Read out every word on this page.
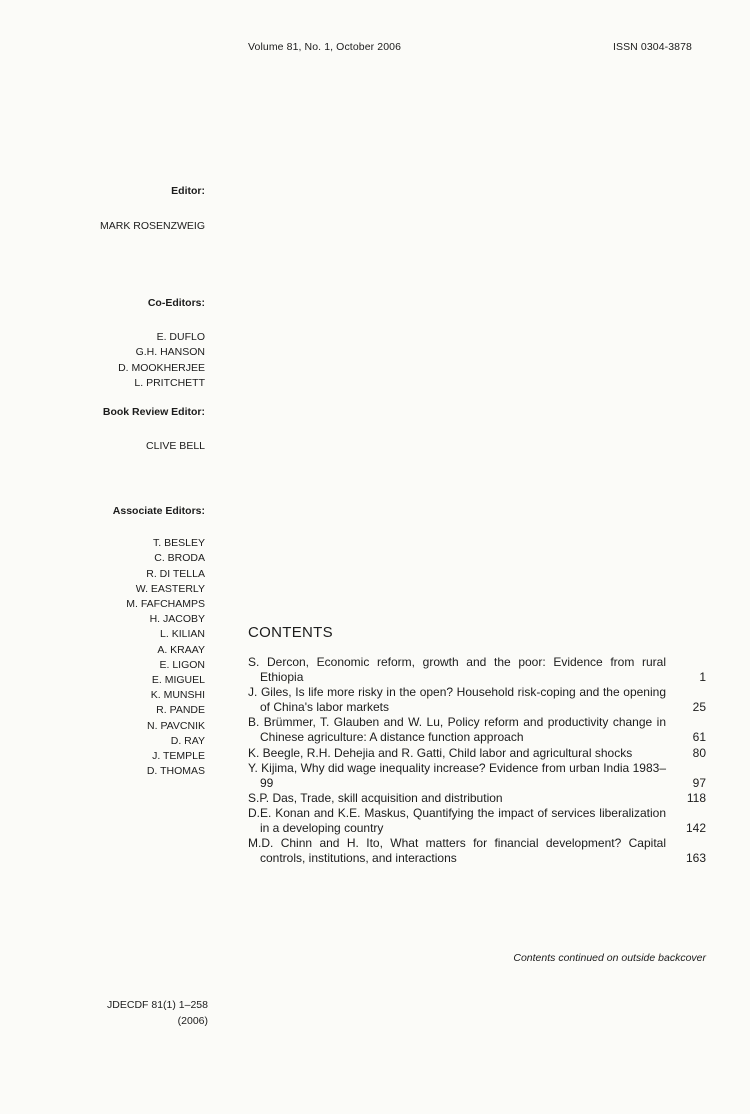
Volume 81, No. 1, October 2006	ISSN 0304-3878
Editor:
MARK ROSENZWEIG
Co-Editors:
E. DUFLO
G.H. HANSON
D. MOOKHERJEE
L. PRITCHETT
Book Review Editor:
CLIVE BELL
Associate Editors:
T. BESLEY
C. BRODA
R. DI TELLA
W. EASTERLY
M. FAFCHAMPS
H. JACOBY
L. KILIAN
A. KRAAY
E. LIGON
E. MIGUEL
K. MUNSHI
R. PANDE
N. PAVCNIK
D. RAY
J. TEMPLE
D. THOMAS
CONTENTS
S. Dercon, Economic reform, growth and the poor: Evidence from rural Ethiopia	1
J. Giles, Is life more risky in the open? Household risk-coping and the opening of China's labor markets	25
B. Brümmer, T. Glauben and W. Lu, Policy reform and productivity change in Chinese agriculture: A distance function approach	61
K. Beegle, R.H. Dehejia and R. Gatti, Child labor and agricultural shocks	80
Y. Kijima, Why did wage inequality increase? Evidence from urban India 1983–99	97
S.P. Das, Trade, skill acquisition and distribution	118
D.E. Konan and K.E. Maskus, Quantifying the impact of services liberalization in a developing country	142
M.D. Chinn and H. Ito, What matters for financial development? Capital controls, institutions, and interactions	163
Contents continued on outside backcover
JDECDF 81(1) 1–258
(2006)
